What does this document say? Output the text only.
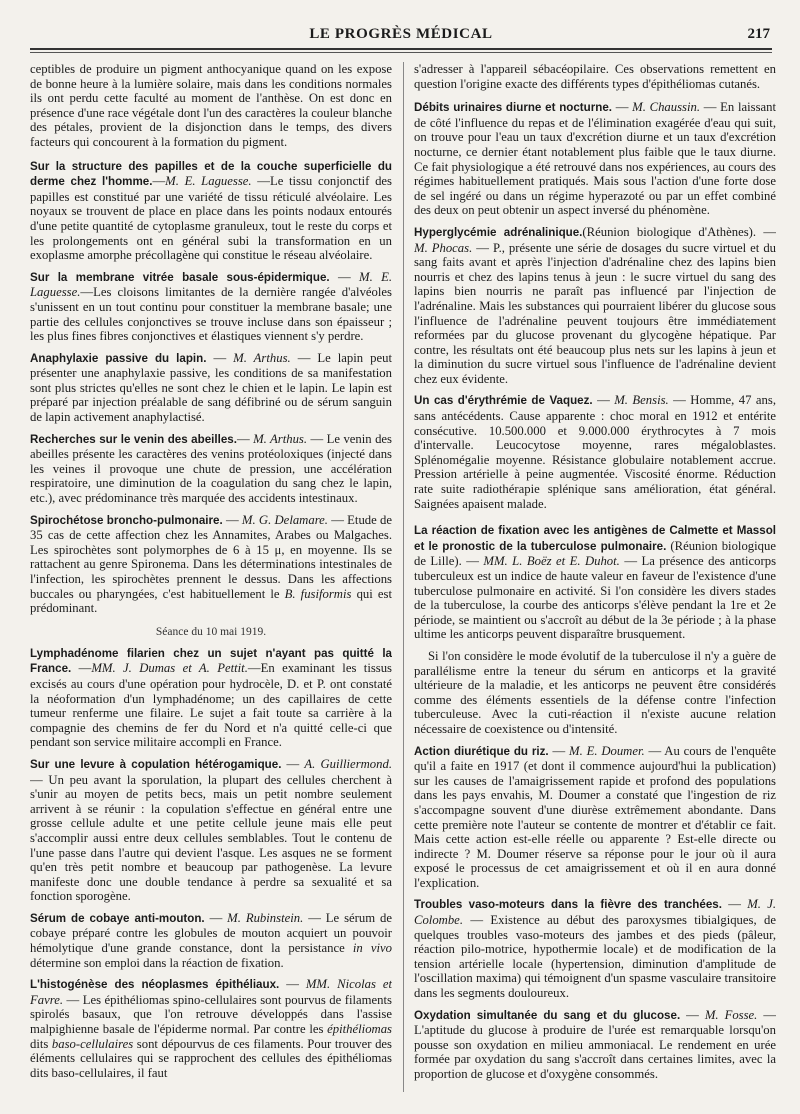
LE PROGRÈS MÉDICAL	217

ceptibles de produire un pigment anthocyanique quand on les expose de bonne heure à la lumière solaire, mais dans les conditions normales ils ont perdu cette faculté au moment de l'anthèse. On est donc en présence d'une race végétale dont l'un des caractères la couleur blanche des pétales, provient de la disjonction dans le temps, des divers facteurs qui concourent à la formation du pigment.

Sur la structure des papilles et de la couche superficielle du derme chez l'homme.—M. E. Laguesse. —Le tissu conjonctif des papilles est constitué par une variété de tissu réticulé alvéolaire. Les noyaux se trouvent de place en place dans les points nodaux entourés d'une petite quantité de cytoplasme granuleux, tout le reste du corps et les prolongements ont en général subi la transformation en un exoplasme amorphe précollagène qui constitue le réseau alvéolaire.

Sur la membrane vitrée basale sous-épidermique. — M. E. Laguesse.—Les cloisons limitantes de la dernière rangée d'alvéoles s'unissent en un tout continu pour constituer la membrane basale; une partie des cellules conjonctives se trouve incluse dans son épaisseur ; les plus fines fibres conjonctives et élastiques viennent s'y perdre.

Anaphylaxie passive du lapin. — M. Arthus. — Le lapin peut présenter une anaphylaxie passive, les conditions de sa manifestation sont plus strictes qu'elles ne sont chez le chien et le lapin. Le lapin est préparé par injection préalable de sang défibriné ou de sérum sanguin de lapin activement anaphylactisé.

Recherches sur le venin des abeilles.— M. Arthus. — Le venin des abeilles présente les caractères des venins protéoloxiques (injecté dans les veines il provoque une chute de pression, une accélération respiratoire, une diminution de la coagulation du sang chez le lapin, etc.), avec prédominance très marquée des accidents intestinaux.

Spirochétose broncho-pulmonaire. — M. G. Delamare. — Etude de 35 cas de cette affection chez les Annamites, Arabes ou Malgaches. Les spirochètes sont polymorphes de 6 à 15 μ, en moyenne. Ils se rattachent au genre Spironema. Dans les déterminations intestinales de l'infection, les spirochètes prennent le dessus. Dans les affections buccales ou pharyngées, c'est habituellement le B. fusiformis qui est prédominant.

Séance du 10 mai 1919.

Lymphadénome filarien chez un sujet n'ayant pas quitté la France. —MM. J. Dumas et A. Pettit.—En examinant les tissus excisés au cours d'une opération pour hydrocèle, D. et P. ont constaté la néoformation d'un lymphadénome; un des capillaires de cette tumeur renferme une filaire. Le sujet a fait toute sa carrière à la compagnie des chemins de fer du Nord et n'a quitté celle-ci que pendant son service militaire accompli en France.

Sur une levure à copulation hétérogamique. — A. Guilliermond. — Un peu avant la sporulation, la plupart des cellules cherchent à s'unir au moyen de petits becs, mais un petit nombre seulement arrivent à se réunir : la copulation s'effectue en général entre une grosse cellule adulte et une petite cellule jeune mais elle peut s'accomplir aussi entre deux cellules semblables. Tout le contenu de l'une passe dans l'autre qui devient l'asque. Les asques ne se forment qu'en très petit nombre et beaucoup par pathogenèse. La levure manifeste donc une double tendance à perdre sa sexualité et sa fonction sporogène.

Sérum de cobaye anti-mouton. — M. Rubinstein. — Le sérum de cobaye préparé contre les globules de mouton acquiert un pouvoir hémolytique d'une grande constance, dont la persistance in vivo détermine son emploi dans la réaction de fixation.

L'histogénèse des néoplasmes épithéliaux. — MM. Nicolas et Favre. — Les épithéliomas spino-cellulaires sont pourvus de filaments spirolés basaux, que l'on retrouve développés dans l'assise malpighienne basale de l'épiderme normal. Par contre les épithéliomas dits baso-cellulaires sont dépourvus de ces filaments. Pour trouver des éléments cellulaires qui se rapprochent des cellules des épithéliomas dits baso-cellulaires, il faut

s'adresser à l'appareil sébacéopilaire. Ces observations remettent en question l'origine exacte des différents types d'épithéliomas cutanés.

Débits urinaires diurne et nocturne. — M. Chaussin. — En laissant de côté l'influence du repas et de l'élimination exagérée d'eau qui suit, on trouve pour l'eau un taux d'excrétion diurne et un taux d'excrétion nocturne, ce dernier étant notablement plus faible que le taux diurne. Ce fait physiologique a été retrouvé dans nos expériences, au cours des régimes habituellement pratiqués. Mais sous l'action d'une forte dose de sel ingéré ou dans un régime hyperazoté ou par un effet combiné des deux on peut obtenir un aspect inversé du phénomène.

Hyperglycémie adrénalinique.(Réunion biologique d'Athènes). — M. Phocas. — P., présente une série de dosages du sucre virtuel et du sang faits avant et après l'injection d'adrénaline chez des lapins bien nourris et chez des lapins tenus à jeun : le sucre virtuel du sang des lapins bien nourris ne paraît pas influencé par l'injection de l'adrénaline. Mais les substances qui pourraient libérer du glucose sous l'influence de l'adrénaline peuvent toujours être immédiatement reformées par du glucose provenant du glycogène hépatique. Par contre, les résultats ont été beaucoup plus nets sur les lapins à jeun et la diminution du sucre virtuel sous l'influence de l'adrénaline devient chez eux évidente.

Un cas d'érythrémie de Vaquez. — M. Bensis. — Homme, 47 ans, sans antécédents. Cause apparente : choc moral en 1912 et entérite consécutive. 10.500.000 et 9.000.000 érythrocytes à 7 mois d'intervalle. Leucocytose moyenne, rares mégaloblastes. Splénomégalie moyenne. Résistance globulaire notablement accrue. Pression artérielle à peine augmentée. Viscosité énorme. Réduction rate suite radiothérapie splénique sans amélioration, état général. Saignées apaisent malade.

La réaction de fixation avec les antigènes de Calmette et Massol et le pronostic de la tuberculose pulmonaire. (Réunion biologique de Lille). — MM. L. Boëz et E. Duhot. — La présence des anticorps tuberculeux est un indice de haute valeur en faveur de l'existence d'une tuberculose pulmonaire en activité. Si l'on considère les divers stades de la tuberculose, la courbe des anticorps s'élève pendant la 1re et 2e période, se maintient ou s'accroît au début de la 3e période ; à la phase ultime les anticorps peuvent disparaître brusquement.

Si l'on considère le mode évolutif de la tuberculose il n'y a guère de parallélisme entre la teneur du sérum en anticorps et la gravité ultérieure de la maladie, et les anticorps ne peuvent être considérés comme des éléments essentiels de la défense contre l'infection tuberculeuse. Avec la cuti-réaction il n'existe aucune relation nécessaire de coexistence ou d'intensité.

Action diurétique du riz. — M. E. Doumer. — Au cours de l'enquête qu'il a faite en 1917 (et dont il commence aujourd'hui la publication) sur les causes de l'amaigrissement rapide et profond des populations dans les pays envahis, M. Doumer a constaté que l'ingestion de riz s'accompagne souvent d'une diurèse extrêmement abondante. Dans cette première note l'auteur se contente de montrer et d'établir ce fait. Mais cette action est-elle réelle ou apparente ? Est-elle directe ou indirecte ? M. Doumer réserve sa réponse pour le jour où il aura exposé le processus de cet amaigrissement et où il en aura donné l'explication.

Troubles vaso-moteurs dans la fièvre des tranchées. — M. J. Colombe. — Existence au début des paroxysmes tibialgiques, de quelques troubles vaso-moteurs des jambes et des pieds (pâleur, réaction pilo-motrice, hypothermie locale) et de modification de la tension artérielle locale (hypertension, diminution d'amplitude de l'oscillation maxima) qui témoignent d'un spasme vasculaire transitoire dans les segments douloureux.

Oxydation simultanée du sang et du glucose. — M. Fosse. — L'aptitude du glucose à produire de l'urée est remarquable lorsqu'on pousse son oxydation en milieu ammoniacal. Le rendement en urée formée par oxydation du sang s'accroît dans certaines limites, avec la proportion de glucose et d'oxygène consommés.
